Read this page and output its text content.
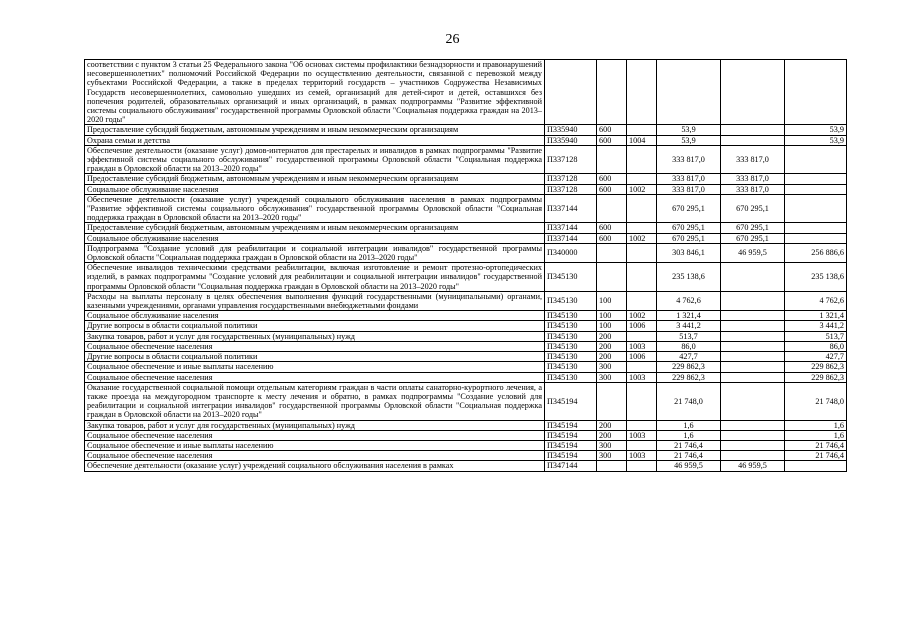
26
соответствии с пунктом 3 статьи 25 Федерального закона "Об основах системы профилактики безнадзорности и правонарушений несовершеннолетних" полномочий Российской Федерации по осуществлению деятельности, связанной с перевозкой между субъектами Российской Федерации, а также в пределах территорий государств – участников Содружества Независимых Государств несовершеннолетних, самовольно ушедших из семей, организаций для детей-сирот и детей, оставшихся без попечения родителей, образовательных организаций и иных организаций, в рамках подпрограммы "Развитие эффективной системы социального обслуживания" государственной программы Орловской области "Социальная поддержка граждан на 2013–2020 годы"						
Предоставление субсидий бюджетным, автономным учреждениям и иным некоммерческим организациям	П335940	600		53,9		53,9
Охрана семьи и детства	П335940	600	1004	53,9		53,9
Обеспечение деятельности (оказание услуг) домов-интернатов для престарелых и инвалидов в рамках подпрограммы "Развитие эффективной системы социального обслуживания" государственной программы Орловской области "Социальная поддержка граждан в Орловской области на 2013–2020 годы"	П337128			333 817,0	333 817,0	
Предоставление субсидий бюджетным, автономным учреждениям и иным некоммерческим организациям	П337128	600		333 817,0	333 817,0	
Социальное обслуживание населения	П337128	600	1002	333 817,0	333 817,0	
Обеспечение деятельности (оказание услуг) учреждений социального обслуживания населения в рамках подпрограммы "Развитие эффективной системы социального обслуживания" государственной программы Орловской области "Социальная поддержка граждан в Орловской области на 2013–2020 годы"	П337144			670 295,1	670 295,1	
Предоставление субсидий бюджетным, автономным учреждениям и иным некоммерческим организациям	П337144	600		670 295,1	670 295,1	
Социальное обслуживание населения	П337144	600	1002	670 295,1	670 295,1	
Подпрограмма "Создание условий для реабилитации и социальной интеграции инвалидов" государственной программы Орловской области "Социальная поддержка граждан в Орловской области на 2013–2020 годы"	П340000			303 846,1	46 959,5	256 886,6
Обеспечение инвалидов техническими средствами реабилитации, включая изготовление и ремонт протезно-ортопедических изделий, в рамках подпрограммы "Создание условий для реабилитации и социальной интеграции инвалидов" государственной программы Орловской области "Социальная поддержка граждан в Орловской области на 2013–2020 годы"	П345130			235 138,6		235 138,6
Расходы на выплаты персоналу в целях обеспечения выполнения функций государственными (муниципальными) органами, казенными учреждениями, органами управления государственными внебюджетными фондами	П345130	100		4 762,6		4 762,6
Социальное обслуживание населения	П345130	100	1002	1 321,4		1 321,4
Другие вопросы в области социальной политики	П345130	100	1006	3 441,2		3 441,2
Закупка товаров, работ и услуг для государственных (муниципальных) нужд	П345130	200		513,7		513,7
Социальное обеспечение населения	П345130	200	1003	86,0		86,0
Другие вопросы в области социальной политики	П345130	200	1006	427,7		427,7
Социальное обеспечение и иные выплаты населению	П345130	300		229 862,3		229 862,3
Социальное обеспечение населения	П345130	300	1003	229 862,3		229 862,3
Оказание государственной социальной помощи отдельным категориям граждан в части оплаты санаторно-курортного лечения, а также проезда на междугородном транспорте к месту лечения и обратно, в рамках подпрограммы "Создание условий для реабилитации и социальной интеграции инвалидов" государственной программы Орловской области "Социальная поддержка граждан в Орловской области на 2013–2020 годы"	П345194			21 748,0		21 748,0
Закупка товаров, работ и услуг для государственных (муниципальных) нужд	П345194	200		1,6		1,6
Социальное обеспечение населения	П345194	200	1003	1,6		1,6
Социальное обеспечение и иные выплаты населению	П345194	300		21 746,4		21 746,4
Социальное обеспечение населения	П345194	300	1003	21 746,4		21 746,4
Обеспечение деятельности (оказание услуг) учреждений социального обслуживания населения в рамках	П347144			46 959,5	46 959,5	
